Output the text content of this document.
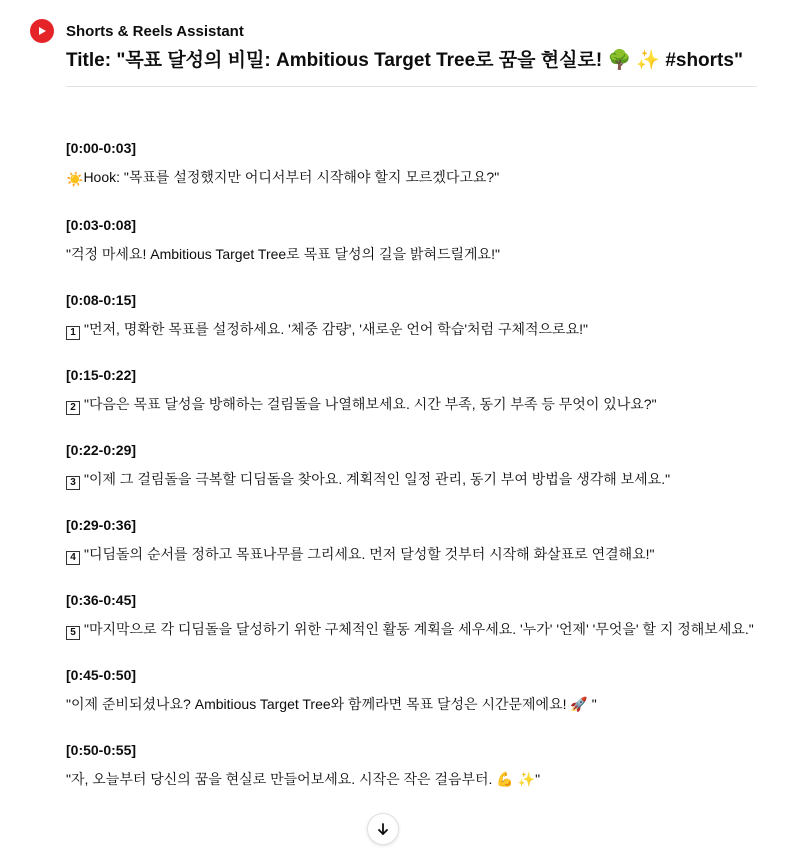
Shorts & Reels Assistant
Title: "목표 달성의 비밀: Ambitious Target Tree로 꿈을 현실로! 🌳 ✨ #shorts"
[0:00-0:03]
☀️Hook: "목표를 설정했지만 어디서부터 시작해야 할지 모르겠다고요?"
[0:03-0:08]
"걱정 마세요! Ambitious Target Tree로 목표 달성의 길을 밝혀드릴게요!"
[0:08-0:15]
1 "먼저, 명확한 목표를 설정하세요. '체중 감량', '새로운 언어 학습'처럼 구체적으로요!"
[0:15-0:22]
2 "다음은 목표 달성을 방해하는 걸림돌을 나열해보세요. 시간 부족, 동기 부족 등 무엇이 있나요?"
[0:22-0:29]
3 "이제 그 걸림돌을 극복할 디딤돌을 찾아요. 계획적인 일정 관리, 동기 부여 방법을 생각해 보세요."
[0:29-0:36]
4 "디딤돌의 순서를 정하고 목표나무를 그리세요. 먼저 달성할 것부터 시작해 화살표로 연결해요!"
[0:36-0:45]
5 "마지막으로 각 디딤돌을 달성하기 위한 구체적인 활동 계획을 세우세요. '누가' '언제' '무엇을' 할 지 정해보세요."
[0:45-0:50]
"이제 준비되셨나요? Ambitious Target Tree와 함께라면 목표 달성은 시간문제에요! 🚀 "
[0:50-0:55]
"자, 오늘부터 당신의 꿈을 현실로 만들어보세요. 시작은 작은 걸음부터. 💪 ✨"
